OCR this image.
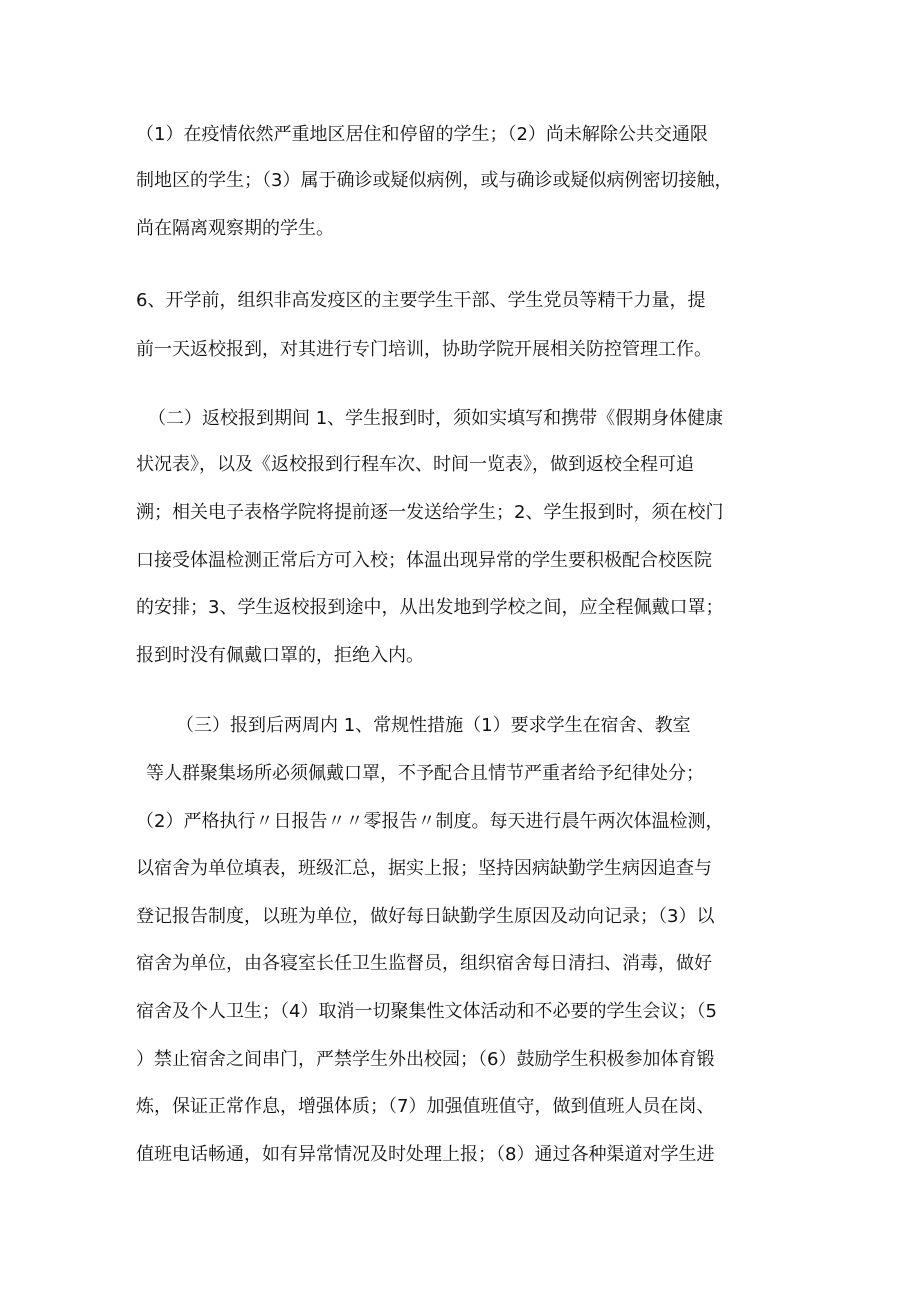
（1）在疫情依然严重地区居住和停留的学生；（2）尚未解除公共交通限
制地区的学生；（3）属于确诊或疑似病例，或与确诊或疑似病例密切接触，
尚在隔离观察期的学生。
6、开学前，组织非高发疫区的主要学生干部、学生党员等精干力量，提
前一天返校报到，对其进行专门培训，协助学院开展相关防控管理工作。
（二）返校报到期间 1、学生报到时，须如实填写和携带《假期身体健康
状况表》，以及《返校报到行程车次、时间一览表》，做到返校全程可追
溯；相关电子表格学院将提前逐一发送给学生；2、学生报到时，须在校门
口接受体温检测正常后方可入校；体温出现异常的学生要积极配合校医院
的安排；3、学生返校报到途中，从出发地到学校之间，应全程佩戴口罩；
报到时没有佩戴口罩的，拒绝入内。
（三）报到后两周内 1、常规性措施（1）要求学生在宿舍、教室
等人群聚集场所必须佩戴口罩，不予配合且情节严重者给予纪律处分；
（2）严格执行〃日报告〃〃零报告〃制度。每天进行晨午两次体温检测，
以宿舍为单位填表，班级汇总，据实上报；坚持因病缺勤学生病因追查与
登记报告制度，以班为单位，做好每日缺勤学生原因及动向记录；（3）以
宿舍为单位，由各寝室长任卫生监督员，组织宿舍每日清扫、消毒，做好
宿舍及个人卫生；（4）取消一切聚集性文体活动和不必要的学生会议；（5
）禁止宿舍之间串门，严禁学生外出校园；（6）鼓励学生积极参加体育锻
炼，保证正常作息，增强体质；（7）加强值班值守，做到值班人员在岗、
值班电话畅通，如有异常情况及时处理上报；（8）通过各种渠道对学生进
